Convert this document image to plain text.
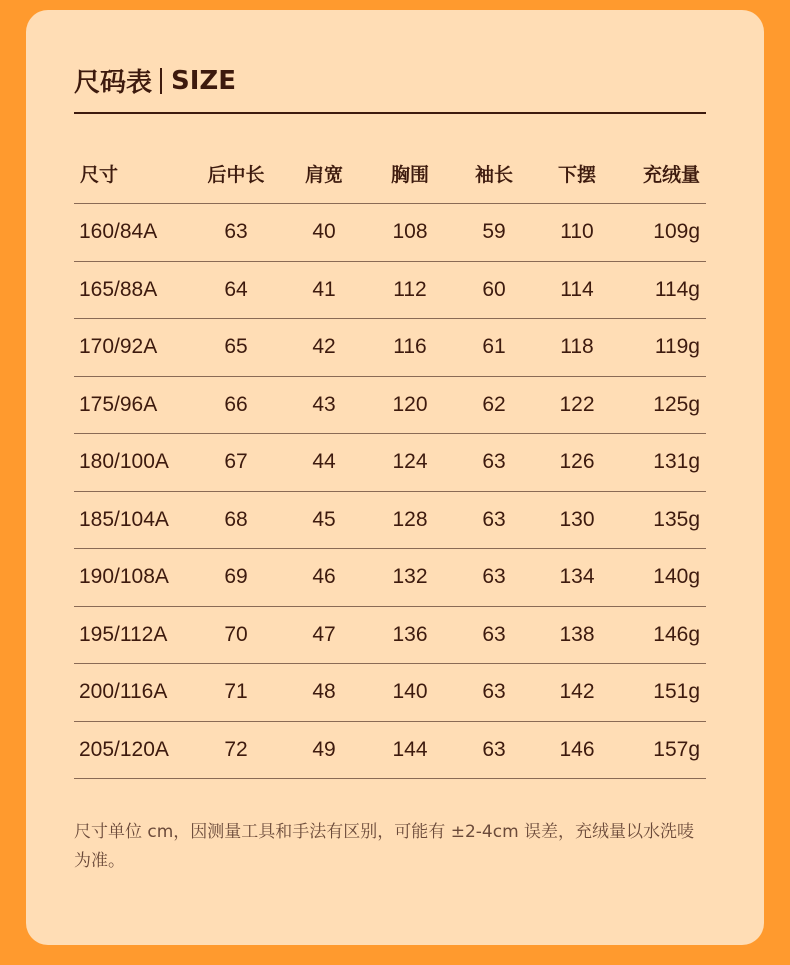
尺码表 SIZE
尺寸	后中长	肩宽	胸围	袖长	下摆	充绒量
160/84A	63	40	108	59	110	109g
165/88A	64	41	112	60	114	114g
170/92A	65	42	116	61	118	119g
175/96A	66	43	120	62	122	125g
180/100A	67	44	124	63	126	131g
185/104A	68	45	128	63	130	135g
190/108A	69	46	132	63	134	140g
195/112A	70	47	136	63	138	146g
200/116A	71	48	140	63	142	151g
205/120A	72	49	144	63	146	157g
尺寸单位 cm，因测量工具和手法有区别，可能有 ±2-4cm 误差，充绒量以水洗唛为准。
